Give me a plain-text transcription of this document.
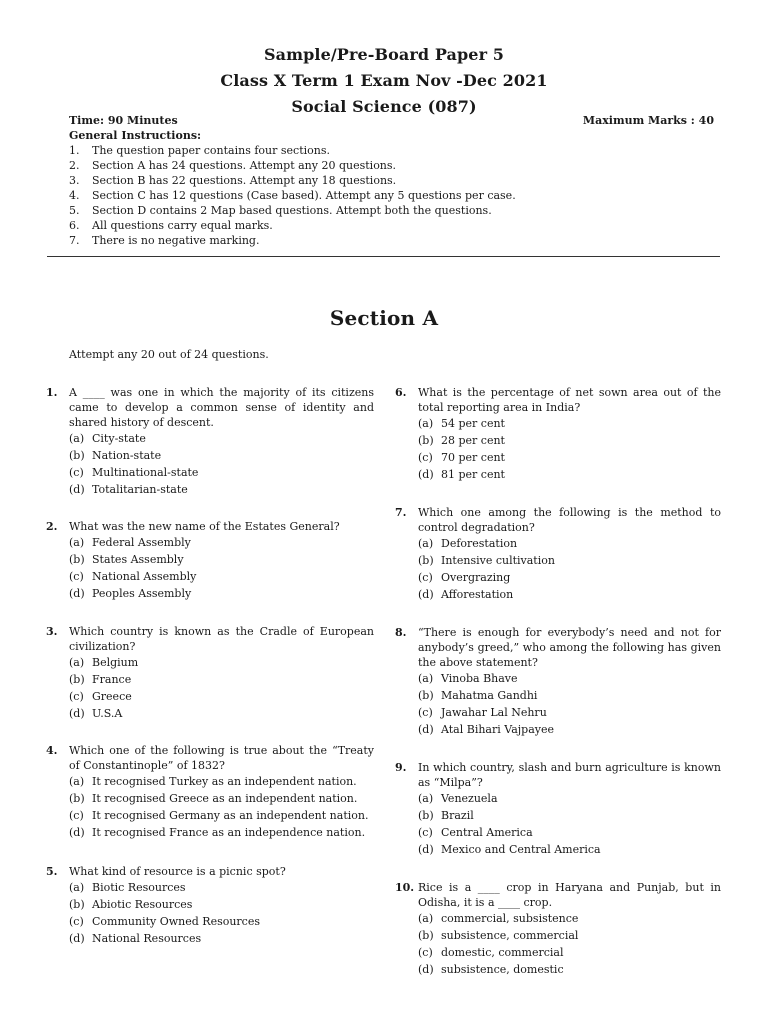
Sample/Pre-Board Paper 5
Class X Term 1 Exam Nov -Dec 2021
Social Science (087)
Time: 90 Minutes	Maximum Marks : 40
General Instructions:
1.	The question paper contains four sections.
2.	Section A has 24 questions. Attempt any 20 questions.
3.	Section B has 22 questions. Attempt any 18 questions.
4.	Section C has 12 questions (Case based). Attempt any 5 questions per case.
5.	Section D contains 2 Map based questions. Attempt both the questions.
6.	All questions carry equal marks.
7.	There is no negative marking.
Section A
Attempt any 20 out of 24 questions.
1.	A ____ was one in which the majority of its citizens came to develop a common sense of identity and shared history of descent.
(a) City-state
(b) Nation-state
(c) Multinational-state
(d) Totalitarian-state
2.	What was the new name of the Estates General?
(a) Federal Assembly
(b) States Assembly
(c) National Assembly
(d) Peoples Assembly
3.	Which country is known as the Cradle of European civilization?
(a) Belgium
(b) France
(c) Greece
(d) U.S.A
4.	Which one of the following is true about the “Treaty of Constantinople” of 1832?
(a) It recognised Turkey as an independent nation.
(b) It recognised Greece as an independent nation.
(c) It recognised Germany as an independent nation.
(d) It recognised France as an independence nation.
5.	What kind of resource is a picnic spot?
(a) Biotic Resources
(b) Abiotic Resources
(c) Community Owned Resources
(d) National Resources
6.	What is the percentage of net sown area out of the total reporting area in India?
(a) 54 per cent
(b) 28 per cent
(c) 70 per cent
(d) 81 per cent
7.	Which one among the following is the method to control degradation?
(a) Deforestation
(b) Intensive cultivation
(c) Overgrazing
(d) Afforestation
8.	“There is enough for everybody’s need and not for anybody’s greed,” who among the following has given the above statement?
(a) Vinoba Bhave
(b) Mahatma Gandhi
(c) Jawahar Lal Nehru
(d) Atal Bihari Vajpayee
9.	In which country, slash and burn agriculture is known as “Milpa”?
(a) Venezuela
(b) Brazil
(c) Central America
(d) Mexico and Central America
10. Rice is a ____ crop in Haryana and Punjab, but in Odisha, it is a ____ crop.
(a) commercial, subsistence
(b) subsistence, commercial
(c) domestic, commercial
(d) subsistence, domestic
